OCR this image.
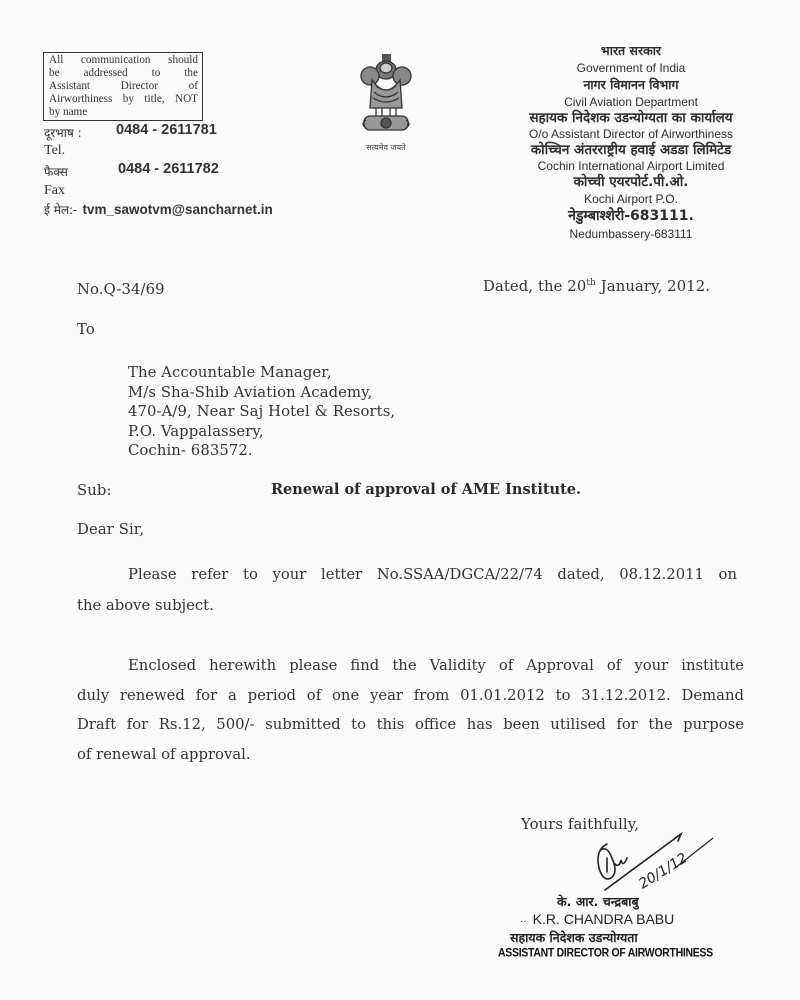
All communication should
be addressed to the
Assistant Director of
Airworthiness by title, NOT
by name
दूरभाष : 0484 - 2611781
Tel.
फैक्स	0484 - 2611782
Fax
ई मेल:- tvm_sawotvm@sancharnet.in
सत्यमेव जयते
भारत सरकार
Government of India
नागर विमानन विभाग
Civil Aviation Department
सहायक निदेशक उडन्योग्यता का कार्यालय
O/o Assistant Director of Airworthiness
कोच्चिन अंतरराष्ट्रीय हवाई अडडा लिमिटेड
Cochin International Airport Limited
कोच्ची एयरपोर्ट.पी.ओ.
Kochi Airport P.O.
नेडुम्बाश्शेरी-683111.
Nedumbassery-683111
No.Q-34/69	Dated, the 20th January, 2012.
To
The Accountable Manager,
M/s Sha-Shib Aviation Academy,
470-A/9, Near Saj Hotel & Resorts,
P.O. Vappalassery,
Cochin- 683572.
Sub:	Renewal of approval of AME Institute.
Dear Sir,
Please refer to your letter No.SSAA/DGCA/22/74 dated, 08.12.2011 on
the above subject.
Enclosed herewith please find the Validity of Approval of your institute
duly renewed for a period of one year from 01.01.2012 to 31.12.2012. Demand
Draft for Rs.12, 500/- submitted to this office has been utilised for the purpose
of renewal of approval.
Yours faithfully,
20/1/12
के. आर. चन्द्रबाबु
·· K.R. CHANDRA BABU
सहायक निदेशक उडन्योग्यता
ASSISTANT DIRECTOR OF AIRWORTHINESS
